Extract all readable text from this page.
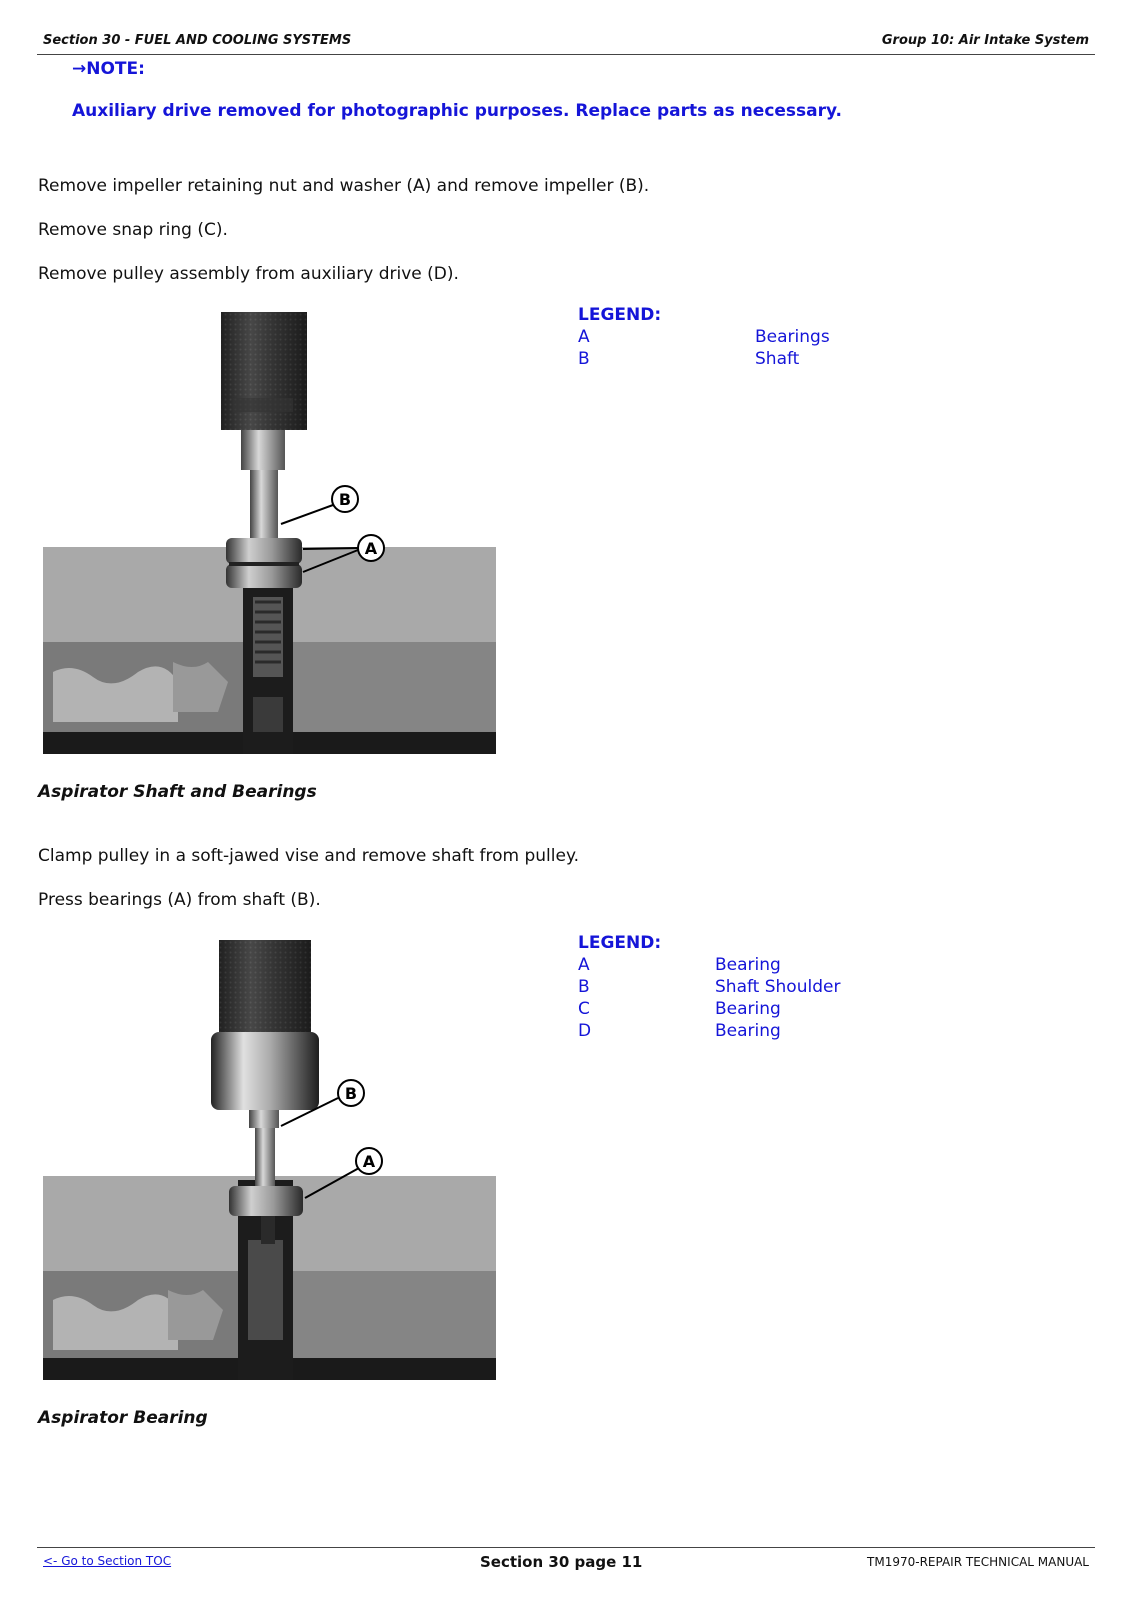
Section 30 - FUEL AND COOLING SYSTEMS	Group 10: Air Intake System
→NOTE:
Auxiliary drive removed for photographic purposes. Replace parts as necessary.
Remove impeller retaining nut and washer (A) and remove impeller (B).
Remove snap ring (C).
Remove pulley assembly from auxiliary drive (D).
B
A
LEGEND:
A	Bearings
B	Shaft
Aspirator Shaft and Bearings
Clamp pulley in a soft-jawed vise and remove shaft from pulley.
Press bearings (A) from shaft (B).
B
A
LEGEND:
A	Bearing
B	Shaft Shoulder
C	Bearing
D	Bearing
Aspirator Bearing
<- Go to Section TOC	Section 30 page 11	TM1970-REPAIR TECHNICAL MANUAL
